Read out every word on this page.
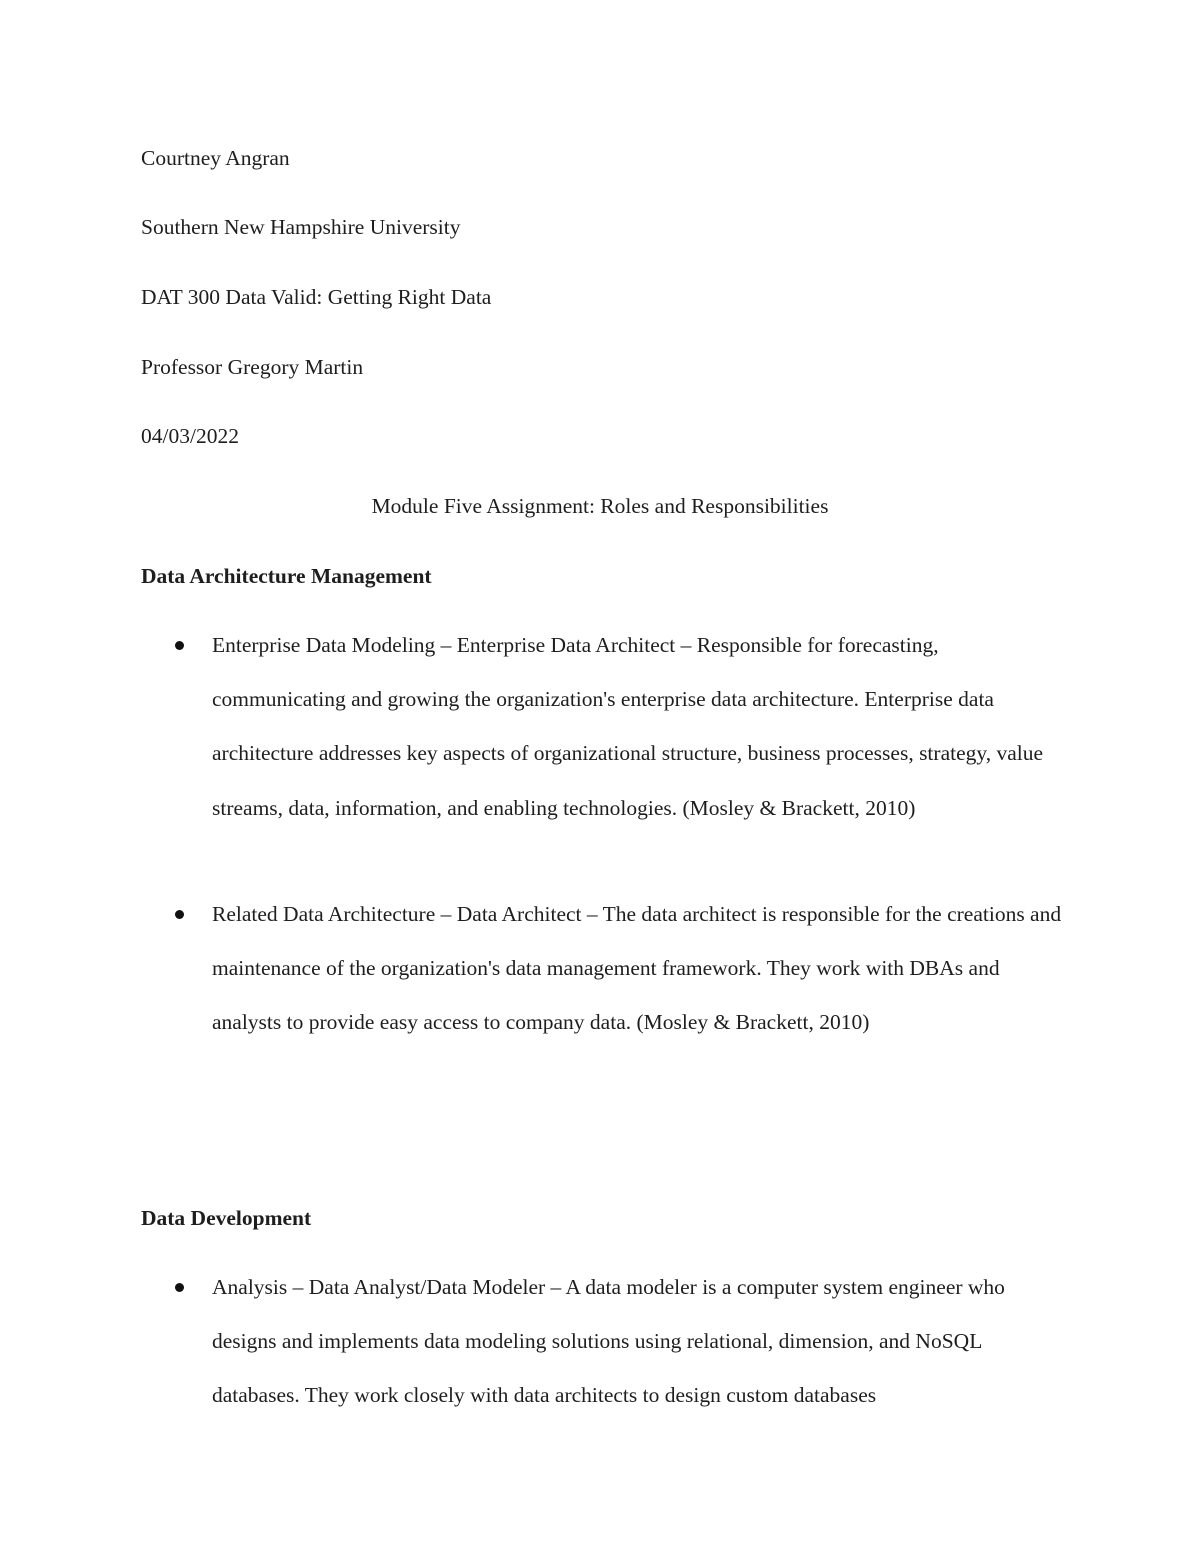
Courtney Angran
Southern New Hampshire University
DAT 300 Data Valid: Getting Right Data
Professor Gregory Martin
04/03/2022
Module Five Assignment: Roles and Responsibilities
Data Architecture Management
Enterprise Data Modeling – Enterprise Data Architect – Responsible for forecasting, communicating and growing the organization's enterprise data architecture. Enterprise data architecture addresses key aspects of organizational structure, business processes, strategy, value streams, data, information, and enabling technologies. (Mosley & Brackett, 2010)
Related Data Architecture – Data Architect – The data architect is responsible for the creations and maintenance of the organization's data management framework. They work with DBAs and analysts to provide easy access to company data. (Mosley & Brackett, 2010)
Data Development
Analysis – Data Analyst/Data Modeler – A data modeler is a computer system engineer who designs and implements data modeling solutions using relational, dimension, and NoSQL databases. They work closely with data architects to design custom databases
